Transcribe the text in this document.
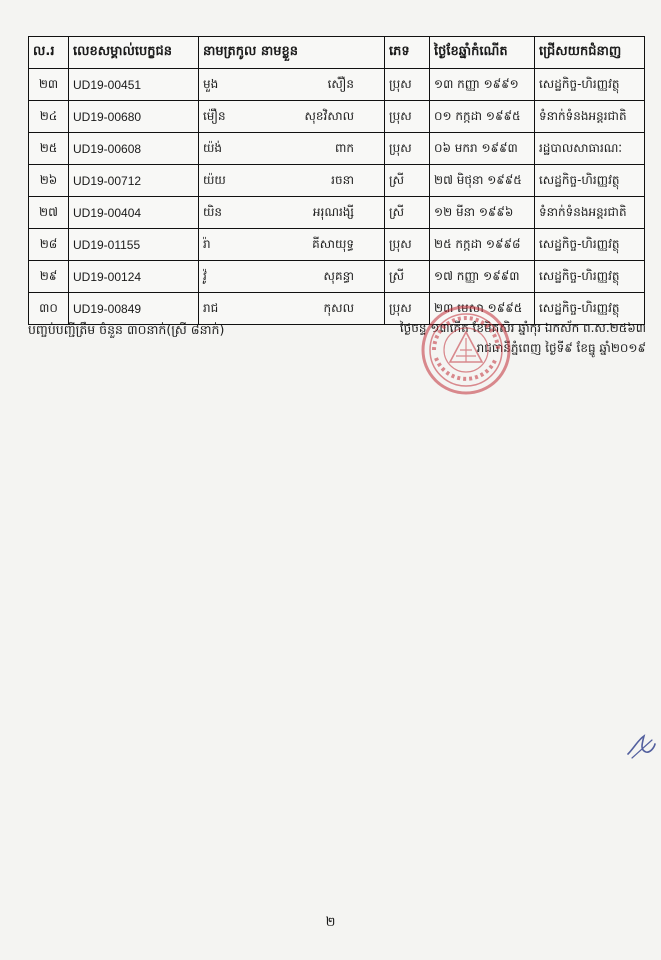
ល.រ	លេខសម្គាល់បេក្ខជន	នាមត្រកូល នាមខ្លួន	ភេទ	ថ្ងៃខែឆ្នាំកំណើត	ជ្រើសយកជំនាញ
២៣	UD19-00451	មួង សំឿន	ប្រុស	១៣ កញ្ញា ១៩៩១	សេដ្ឋកិច្ច-ហិរញ្ញវត្ថុ
២៤	UD19-00680	ម៉ឿន សុខវិសាល	ប្រុស	០១ កក្កដា ១៩៩៥	ទំនាក់ទំនងអន្តរជាតិ
២៥	UD19-00608	យ៉ង់ ពាក	ប្រុស	០៦ មករា ១៩៩៣	រដ្ឋបាលសាធារណៈ
២៦	UD19-00712	យ៉យ រចនា	ស្រី	២៧ មិថុនា ១៩៩៥	សេដ្ឋកិច្ច-ហិរញ្ញវត្ថុ
២៧	UD19-00404	យិន អរុណរង្សី	ស្រី	១២ មីនា ១៩៩៦	ទំនាក់ទំនងអន្តរជាតិ
២៨	UD19-01155	រ៉ា គីសាយុទ្ធ	ប្រុស	២៥ កក្កដា ១៩៩៨	សេដ្ឋកិច្ច-ហិរញ្ញវត្ថុ
២៩	UD19-00124	វ៉ូ សុគន្ធា	ស្រី	១៧ កញ្ញា ១៩៩៣	សេដ្ឋកិច្ច-ហិរញ្ញវត្ថុ
៣០	UD19-00849	រាជ កុសល	ប្រុស	២៣ មេសា ១៩៩៥	សេដ្ឋកិច្ច-ហិរញ្ញវត្ថុ
បញ្ចប់បញ្ជីត្រឹម ចំនួន ៣០នាក់(ស្រី ៨នាក់)	ថ្ងៃចន្ទ ១៣កើត ខែមិគសិរ ឆ្នាំកុរ ឯកស័ក ព.ស.២៥៦៣
រាជធានីភ្នំពេញ ថ្ងៃទី៩ ខែធ្នូ ឆ្នាំ២០១៩
២
